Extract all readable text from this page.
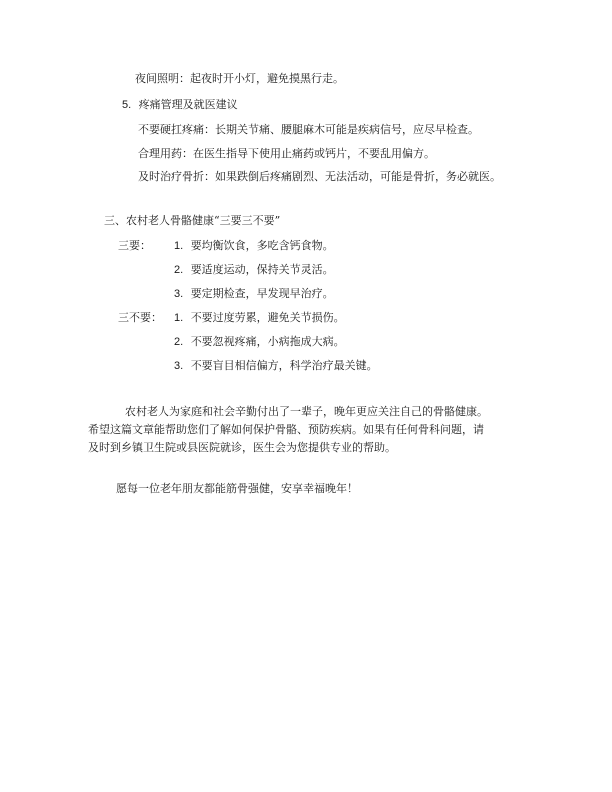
夜间照明：起夜时开小灯，避免摸黑行走。
5. 疼痛管理及就医建议
不要硬扛疼痛：长期关节痛、腰腿麻木可能是疾病信号，应尽早检查。
合理用药：在医生指导下使用止痛药或钙片，不要乱用偏方。
及时治疗骨折：如果跌倒后疼痛剧烈、无法活动，可能是骨折，务必就医。
三、农村老人骨骼健康“三要三不要”
三要： 1. 要均衡饮食，多吃含钙食物。
2. 要适度运动，保持关节灵活。
3. 要定期检查，早发现早治疗。
三不要： 1. 不要过度劳累，避免关节损伤。
2. 不要忽视疼痛，小病拖成大病。
3. 不要盲目相信偏方，科学治疗最关键。
农村老人为家庭和社会辛勤付出了一辈子，晚年更应关注自己的骨骼健康。
希望这篇文章能帮助您们了解如何保护骨骼、预防疾病。如果有任何骨科问题，请
及时到乡镇卫生院或县医院就诊，医生会为您提供专业的帮助。
愿每一位老年朋友都能筋骨强健，安享幸福晚年！
